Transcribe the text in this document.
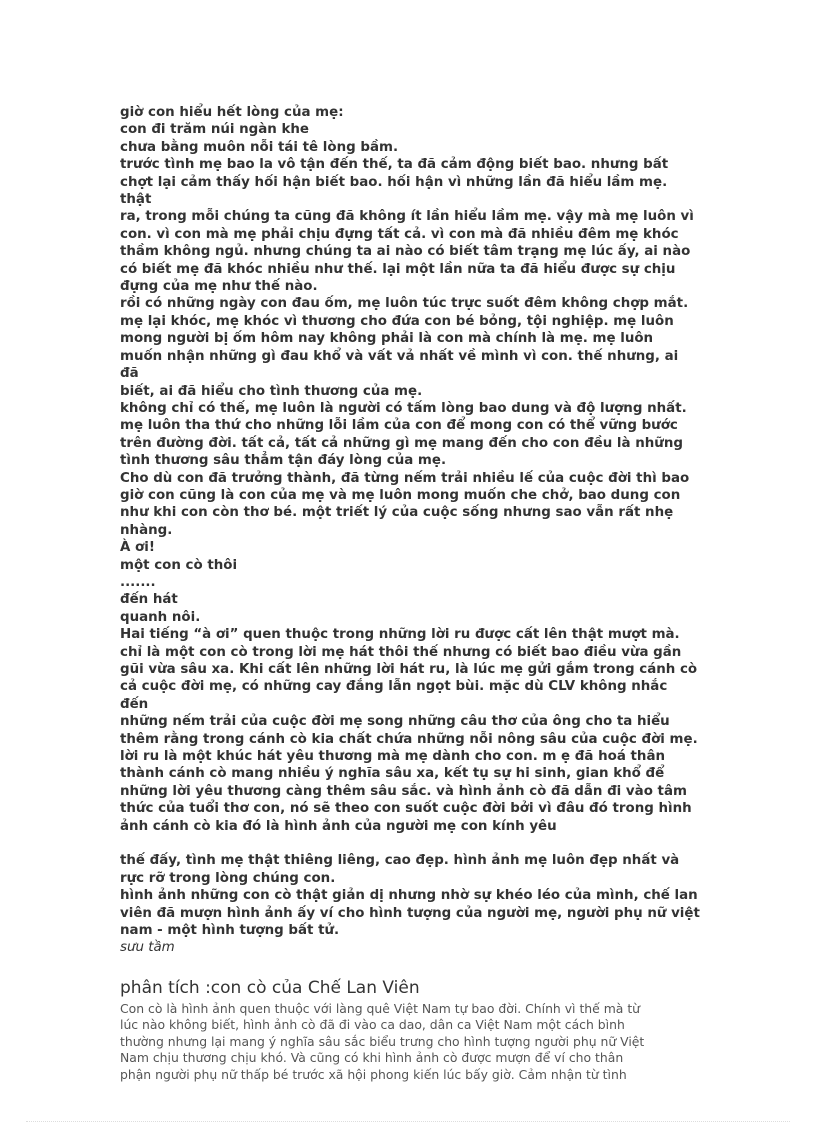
giờ con hiểu hết lòng của mẹ:

con đi trăm núi ngàn khe

chưa bằng muôn nỗi tái tê lòng bầm.

trước tình mẹ bao la vô tận đến thế, ta đã cảm động biết bao. nhưng bất

chợt lại cảm thấy hối hận biết bao. hối hận vì những lần đã hiểu lầm mẹ. thật

ra, trong mỗi chúng ta cũng đã không ít lần hiểu lầm mẹ. vậy mà mẹ luôn vì

con. vì con mà mẹ phải chịu đựng tất cả. vì con mà đã nhiều đêm mẹ khóc

thầm không ngủ. nhưng chúng ta ai nào có biết tâm trạng mẹ lúc ấy, ai nào

có biết mẹ đã khóc nhiều như thế. lại một lần nữa ta đã hiểu được sự chịu

đựng của mẹ như thế nào.

rồi có những ngày con đau ốm, mẹ luôn túc trực suốt đêm không chợp mắt.

mẹ lại khóc, mẹ khóc vì thương cho đứa con bé bỏng, tội nghiệp. mẹ luôn

mong người bị ốm hôm nay không phải là con mà chính là mẹ. mẹ luôn

muốn nhận những gì đau khổ và vất vả nhất về mình vì con. thế nhưng, ai đã

biết, ai đã hiểu cho tình thương của mẹ.

không chỉ có thế, mẹ luôn là người có tấm lòng bao dung và độ lượng nhất.

mẹ luôn tha thứ cho những lỗi lầm của con để mong con có thể vững bước

trên đường đời. tất cả, tất cả những gì mẹ mang đến cho con đều là những

tình thương sâu thẳm tận đáy lòng của mẹ.

Cho dù con đã trưởng thành, đã từng nếm trải nhiều lế của cuộc đời thì bao

giờ con cũng là con của mẹ và mẹ luôn mong muốn che chở, bao dung con

như khi con còn thơ bé. một triết lý của cuộc sống nhưng sao vẫn rất nhẹ

nhàng.

À ơi!

một con cò thôi

.......

đến hát

quanh nôi.

Hai tiếng “à ơi” quen thuộc trong những lời ru được cất lên thật mượt mà.

chỉ là một con cò trong lời mẹ hát thôi thế nhưng có biết bao điều vừa gần

gũi vừa sâu xa. Khi cất lên những lời hát ru, là lúc mẹ gửi gắm trong cánh cò

cả cuộc đời mẹ, có những cay đắng lẫn ngọt bùi. mặc dù CLV không nhắc đến

những nếm trải của cuộc đời mẹ song những câu thơ của ông cho ta hiểu

thêm rằng trong cánh cò kia chất chứa những nỗi nông sâu của cuộc đời mẹ.

lời ru là một khúc hát yêu thương mà mẹ dành cho con. m ẹ đã hoá thân

thành cánh cò mang nhiều ý nghĩa sâu xa, kết tụ sự hi sinh, gian khổ để

những lời yêu thương càng thêm sâu sắc. và hình ảnh cò đã dẫn đi vào tâm

thức của tuổi thơ con, nó sẽ theo con suốt cuộc đời bởi vì đâu đó trong hình

ảnh cánh cò kia đó là hình ảnh của người mẹ con kính yêu

thế đấy, tình mẹ thật thiêng liêng, cao đẹp. hình ảnh mẹ luôn đẹp nhất và

rực rỡ trong lòng chúng con.

hình ảnh những con cò thật giản dị nhưng nhờ sự khéo léo của mình, chế lan

viên đã mượn hình ảnh ấy ví cho hình tượng của người mẹ, người phụ nữ việt

nam - một hình tượng bất tử.

sưu tầm

phân tích :con cò của Chế Lan Viên

Con cò là hình ảnh quen thuộc với làng quê Việt Nam tự bao đời. Chính vì thế mà từ

lúc nào không biết, hình ảnh cò đã đi vào ca dao, dân ca Việt Nam một cách bình

thường nhưng lại mang ý nghĩa sâu sắc biểu trưng cho hình tượng người phụ nữ Việt

Nam chịu thương chịu khó. Và cũng có khi hình ảnh cò được mượn để ví cho thân

phận người phụ nữ thấp bé trước xã hội phong kiến lúc bấy giờ. Cảm nhận từ tình
